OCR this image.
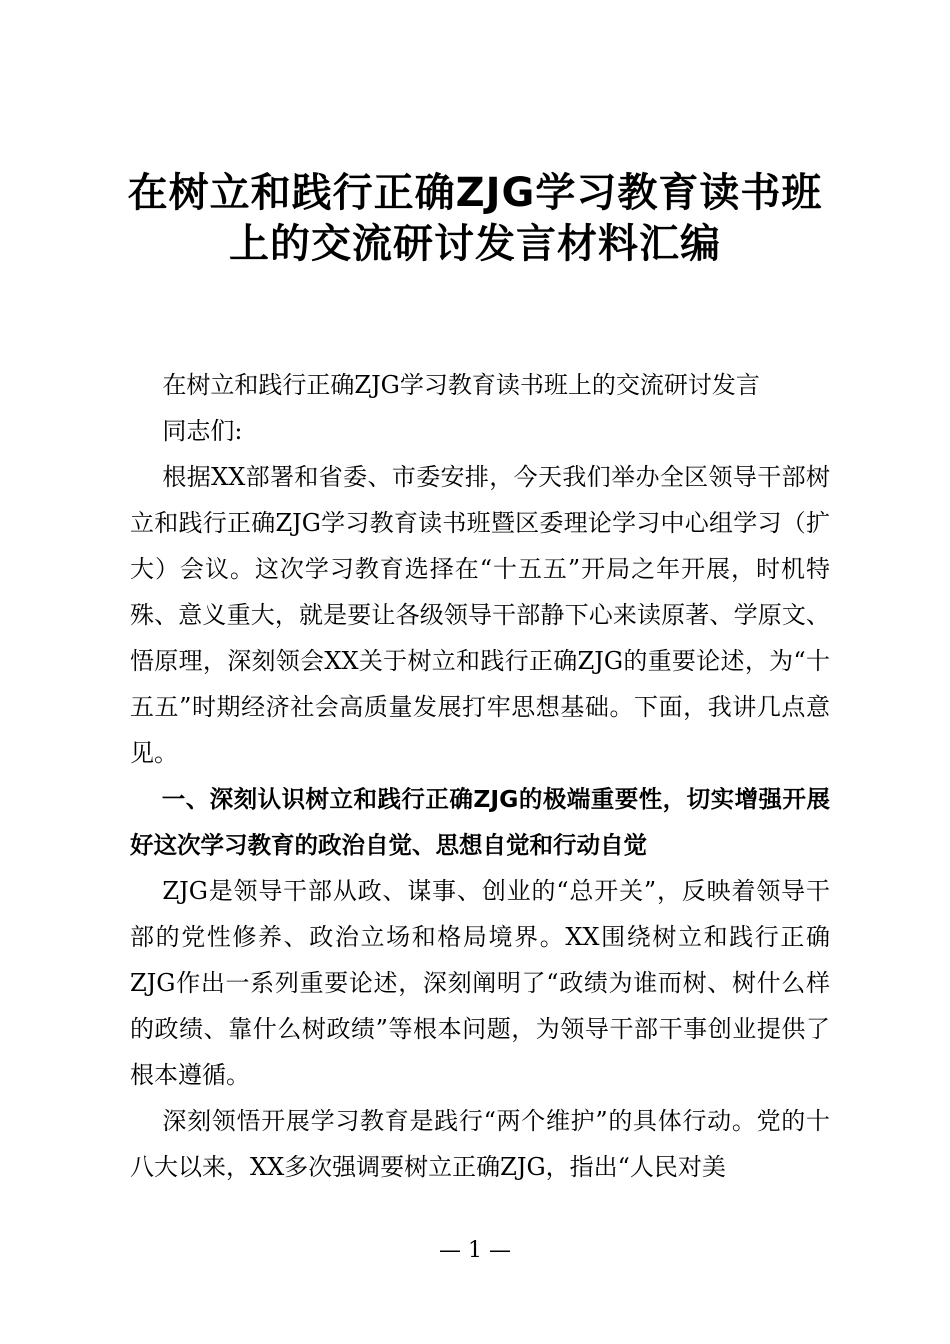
在树立和践行正确ZJG学习教育读书班
上的交流研讨发言材料汇编

在树立和践行正确ZJG学习教育读书班上的交流研讨发言

同志们:

根据XX部署和省委、市委安排，今天我们举办全区领导干部树立和践行正确ZJG学习教育读书班暨区委理论学习中心组学习（扩大）会议。这次学习教育选择在“十五五”开局之年开展，时机特殊、意义重大，就是要让各级领导干部静下心来读原著、学原文、悟原理，深刻领会XX关于树立和践行正确ZJG的重要论述，为“十五五”时期经济社会高质量发展打牢思想基础。下面，我讲几点意见。

一、深刻认识树立和践行正确ZJG的极端重要性，切实增强开展好这次学习教育的政治自觉、思想自觉和行动自觉

ZJG是领导干部从政、谋事、创业的“总开关”，反映着领导干部的党性修养、政治立场和格局境界。XX围绕树立和践行正确ZJG作出一系列重要论述，深刻阐明了“政绩为谁而树、树什么样的政绩、靠什么树政绩”等根本问题，为领导干部干事创业提供了根本遵循。

深刻领悟开展学习教育是践行“两个维护”的具体行动。党的十八大以来，XX多次强调要树立正确ZJG，指出“人民对美

— 1 —
